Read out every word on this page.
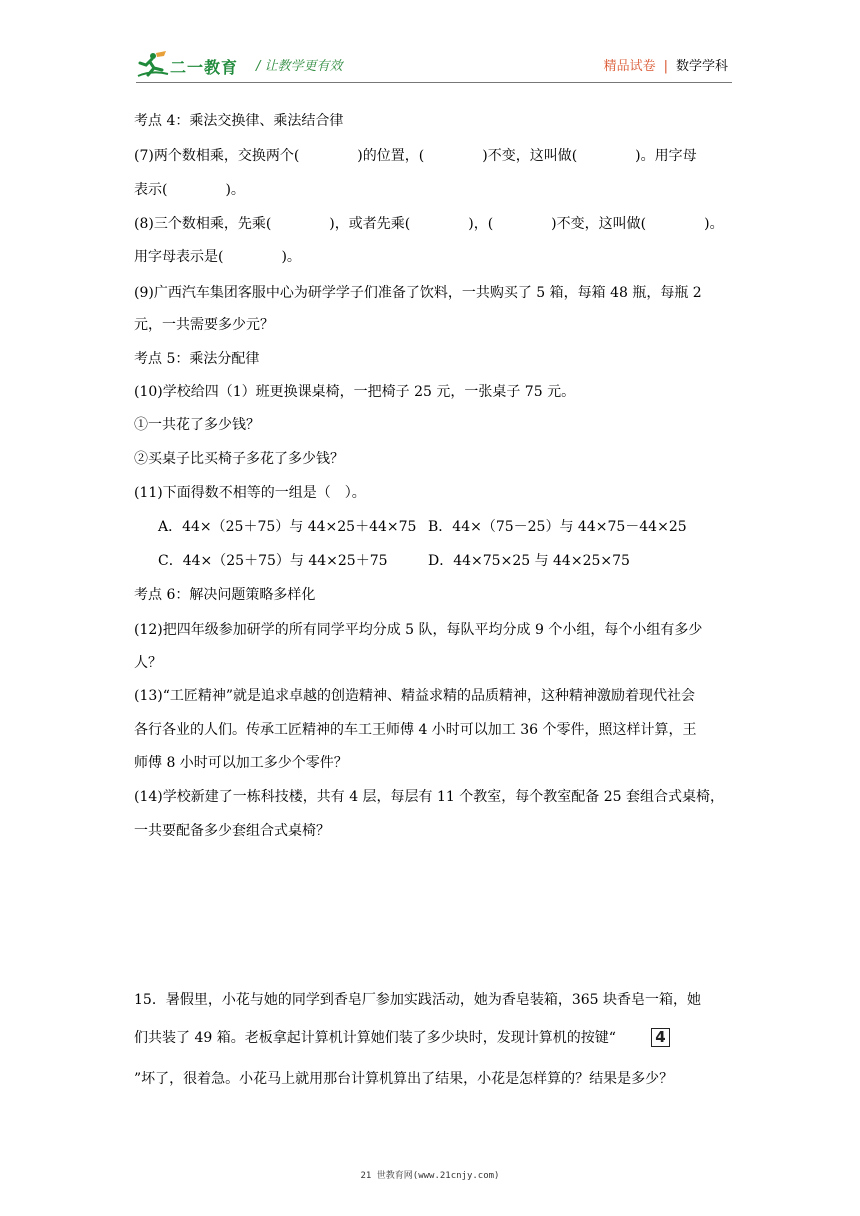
二一教育 / 让教学更有效	精品试卷 | 数学学科
考点 4：乘法交换律、乘法结合律
(7)两个数相乘，交换两个(	)的位置，(	)不变，这叫做(	)。用字母
表示(	)。
(8)三个数相乘，先乘(	)，或者先乘(	)，(	)不变，这叫做(	)。
用字母表示是(	)。
(9)广西汽车集团客服中心为研学学子们准备了饮料，一共购买了 5 箱，每箱 48 瓶，每瓶 2
元，一共需要多少元？
考点 5：乘法分配律
(10)学校给四（1）班更换课桌椅，一把椅子 25 元，一张桌子 75 元。
①一共花了多少钱？
②买桌子比买椅子多花了多少钱？
(11)下面得数不相等的一组是（　）。
A．44×（25＋75）与 44×25＋44×75 B．44×（75－25）与 44×75－44×25
C．44×（25＋75）与 44×25＋75	D．44×75×25 与 44×25×75
考点 6：解决问题策略多样化
(12)把四年级参加研学的所有同学平均分成 5 队，每队平均分成 9 个小组，每个小组有多少
人？
(13)“工匠精神”就是追求卓越的创造精神、精益求精的品质精神，这种精神激励着现代社会
各行各业的人们。传承工匠精神的车工王师傅 4 小时可以加工 36 个零件，照这样计算，王
师傅 8 小时可以加工多少个零件？
(14)学校新建了一栋科技楼，共有 4 层，每层有 11 个教室，每个教室配备 25 套组合式桌椅，
一共要配备多少套组合式桌椅？
15．暑假里，小花与她的同学到香皂厂参加实践活动，她为香皂装箱，365 块香皂一箱，她
们共装了 49 箱。老板拿起计算机计算她们装了多少块时，发现计算机的按键“	4
”坏了，很着急。小花马上就用那台计算机算出了结果，小花是怎样算的？结果是多少？
21 世教育网(www.21cnjy.com)
